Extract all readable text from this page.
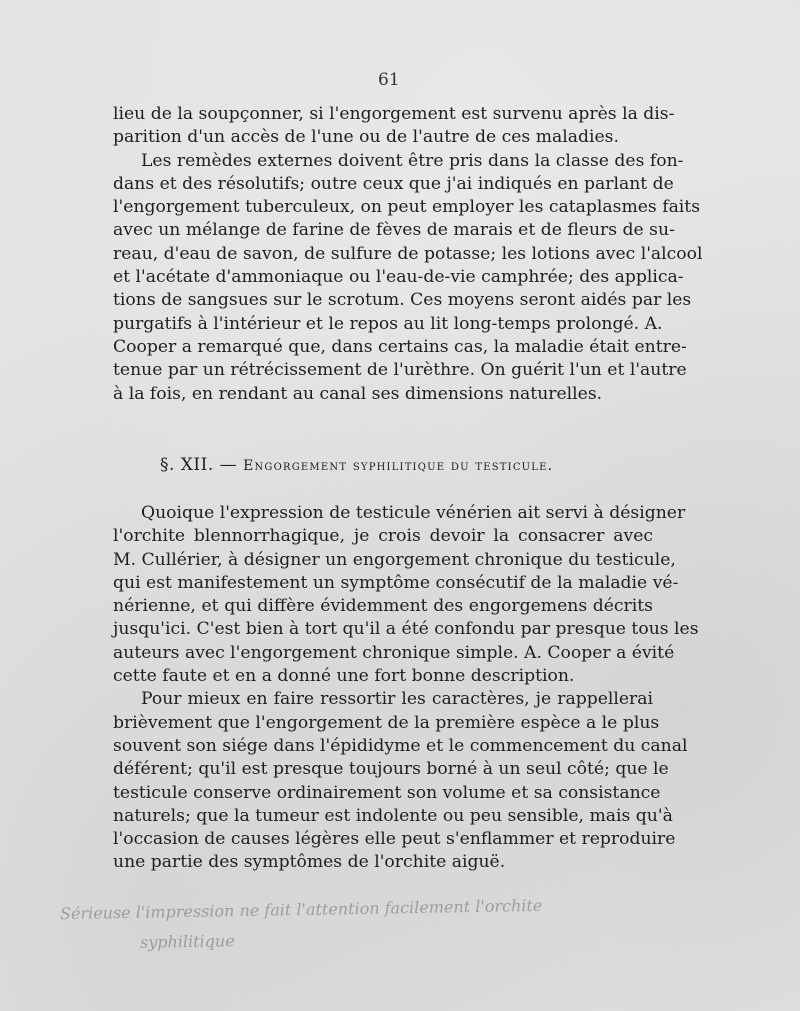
61
lieu de la soupçonner, si l'engorgement est survenu après la dis-
parition d'un accès de l'une ou de l'autre de ces maladies.
Les remèdes externes doivent être pris dans la classe des fon-
dans et des résolutifs; outre ceux que j'ai indiqués en parlant de
l'engorgement tuberculeux, on peut employer les cataplasmes faits
avec un mélange de farine de fèves de marais et de fleurs de su-
reau, d'eau de savon, de sulfure de potasse; les lotions avec l'alcool
et l'acétate d'ammoniaque ou l'eau-de-vie camphrée; des applica-
tions de sangsues sur le scrotum. Ces moyens seront aidés par les
purgatifs à l'intérieur et le repos au lit long-temps prolongé. A.
Cooper a remarqué que, dans certains cas, la maladie était entre-
tenue par un rétrécissement de l'urèthre. On guérit l'un et l'autre
à la fois, en rendant au canal ses dimensions naturelles.
§. XII. — Engorgement syphilitique du testicule.
Quoique l'expression de testicule vénérien ait servi à désigner
l'orchite blennorrhagique, je crois devoir la consacrer avec
M. Cullérier, à désigner un engorgement chronique du testicule,
qui est manifestement un symptôme consécutif de la maladie vé-
nérienne, et qui diffère évidemment des engorgemens décrits
jusqu'ici. C'est bien à tort qu'il a été confondu par presque tous les
auteurs avec l'engorgement chronique simple. A. Cooper a évité
cette faute et en a donné une fort bonne description.
Pour mieux en faire ressortir les caractères, je rappellerai
brièvement que l'engorgement de la première espèce a le plus
souvent son siége dans l'épididyme et le commencement du canal
déférent; qu'il est presque toujours borné à un seul côté; que le
testicule conserve ordinairement son volume et sa consistance
naturels; que la tumeur est indolente ou peu sensible, mais qu'à
l'occasion de causes légères elle peut s'enflammer et reproduire
une partie des symptômes de l'orchite aiguë.
Sérieuse l'impression ne fait l'attention facilement l'orchite
syphilitique
